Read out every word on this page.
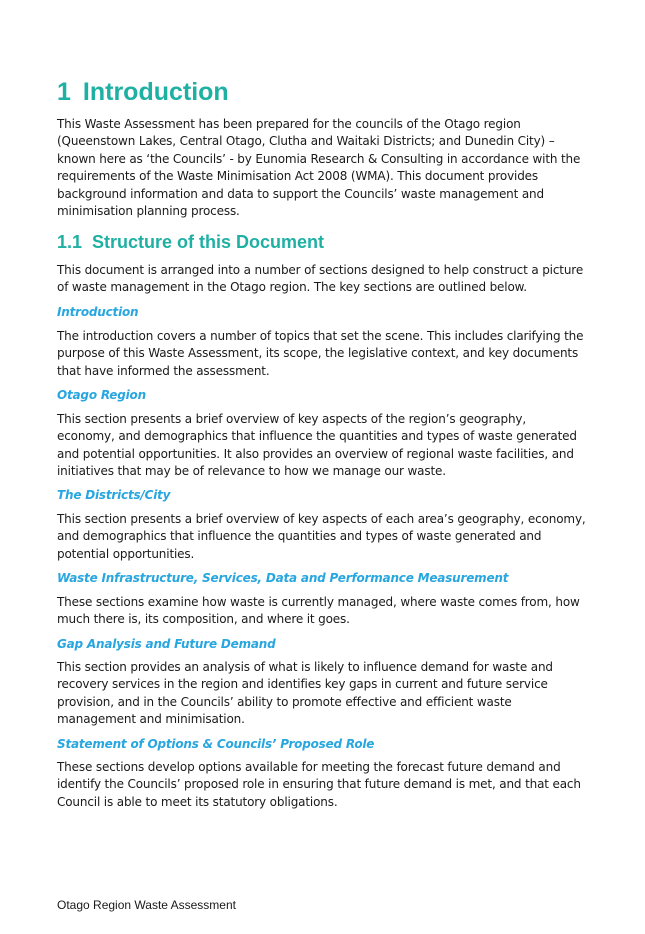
1 Introduction

This Waste Assessment has been prepared for the councils of the Otago region (Queenstown Lakes, Central Otago, Clutha and Waitaki Districts; and Dunedin City) – known here as ‘the Councils’ - by Eunomia Research & Consulting in accordance with the requirements of the Waste Minimisation Act 2008 (WMA). This document provides background information and data to support the Councils’ waste management and minimisation planning process.

1.1 Structure of this Document

This document is arranged into a number of sections designed to help construct a picture of waste management in the Otago region. The key sections are outlined below.

Introduction

The introduction covers a number of topics that set the scene. This includes clarifying the purpose of this Waste Assessment, its scope, the legislative context, and key documents that have informed the assessment.

Otago Region

This section presents a brief overview of key aspects of the region’s geography, economy, and demographics that influence the quantities and types of waste generated and potential opportunities. It also provides an overview of regional waste facilities, and initiatives that may be of relevance to how we manage our waste.

The Districts/City

This section presents a brief overview of key aspects of each area’s geography, economy, and demographics that influence the quantities and types of waste generated and potential opportunities.

Waste Infrastructure, Services, Data and Performance Measurement

These sections examine how waste is currently managed, where waste comes from, how much there is, its composition, and where it goes.

Gap Analysis and Future Demand

This section provides an analysis of what is likely to influence demand for waste and recovery services in the region and identifies key gaps in current and future service provision, and in the Councils’ ability to promote effective and efficient waste management and minimisation.

Statement of Options & Councils’ Proposed Role

These sections develop options available for meeting the forecast future demand and identify the Councils’ proposed role in ensuring that future demand is met, and that each Council is able to meet its statutory obligations.

Otago Region Waste Assessment
